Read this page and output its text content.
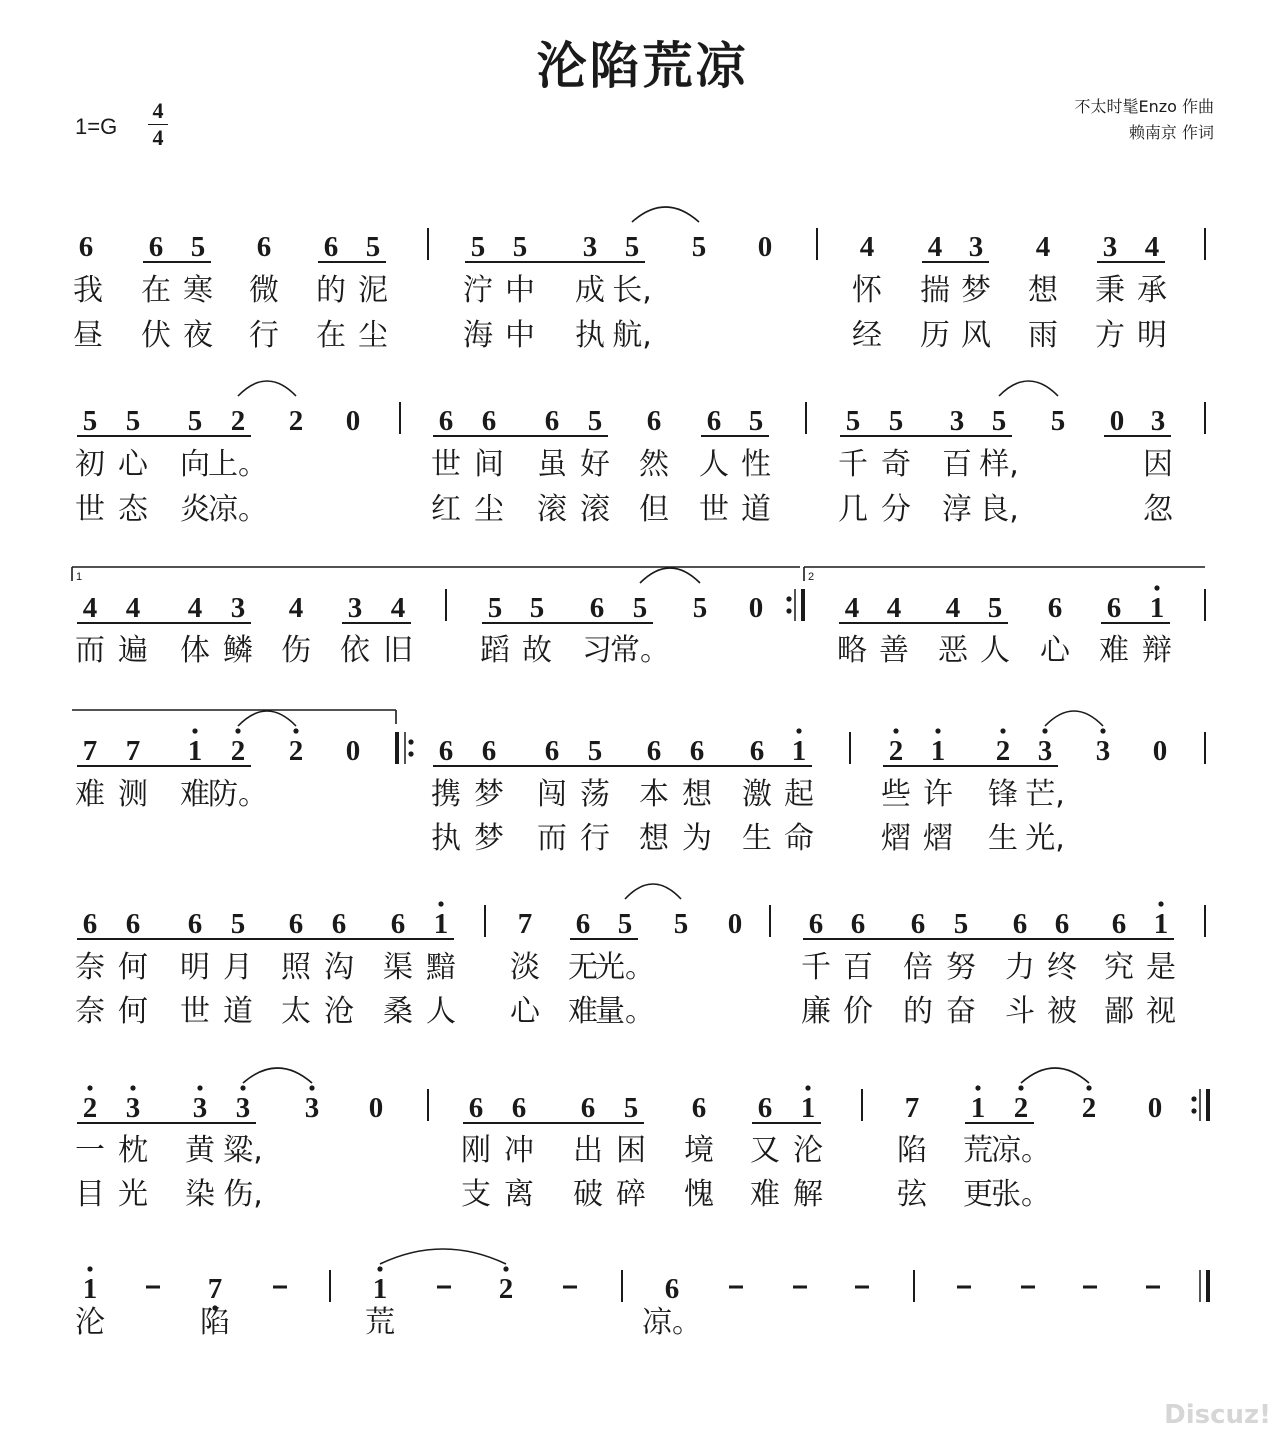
沦陷荒凉
1=G
4
4
不太时髦Enzo 作曲
赖南京 作词
Discuz!
6 6 5 6 6 5	5 5 3 5 5 0	4 4 3 4 3 4
我 在 寒 微 的 泥	泞 中 成 长,	怀 揣 梦 想 秉 承
昼 伏 夜 行 在 尘	海 中 执 航,	经 历 风 雨 方 明
5 5 5 2 2 0	6 6 6 5 6 6 5	5 5 3 5 5 0 3
初 心 向
上。	世 间 虽 好 然 人 性 千 奇 百 样,	因
世 态 炎
凉。	红 尘 滚 滚 但 世 道 几 分 淳 良,	忽
4 4 4 3 4 3 4	5 5 6 5 5 0	4 4 4 5 6 6 1
而 遍 体 鳞 伤 依 旧 蹈 故 习
常。	略 善 恶 人 心 难 辩
7 7 1 2 2 0	6 6 6 5 6 6 6 1	2 1 2 3 3 0
难 测 难
防。	携 梦 闯 荡 本 想 激 起 些 许 锋 芒,
执 梦 而 行 想 为 生 命 熠 熠 生 光,
6 6 6 5 6 6 6 1 7 6 5 5 0 6 6 6 5 6 6 6 1
奈 何 明 月 照 沟 渠 黯 淡 无
光。	千 百 倍 努 力 终 究 是
奈 何 世 道 太 沧 桑 人 心 难
量。	廉 价 的 奋 斗 被 鄙 视
2 3 3 3 3 0	6 6 6 5 6 6 1	7 1 2 2 0
一 枕 黄 粱,	刚 冲 出 困 境 又 沦 陷 荒
凉。
目 光 染 伤,	支 离 破 碎 愧 难 解 弦 更
张。
1	7	1	2	6
沦	陷	荒	凉。
1	2
